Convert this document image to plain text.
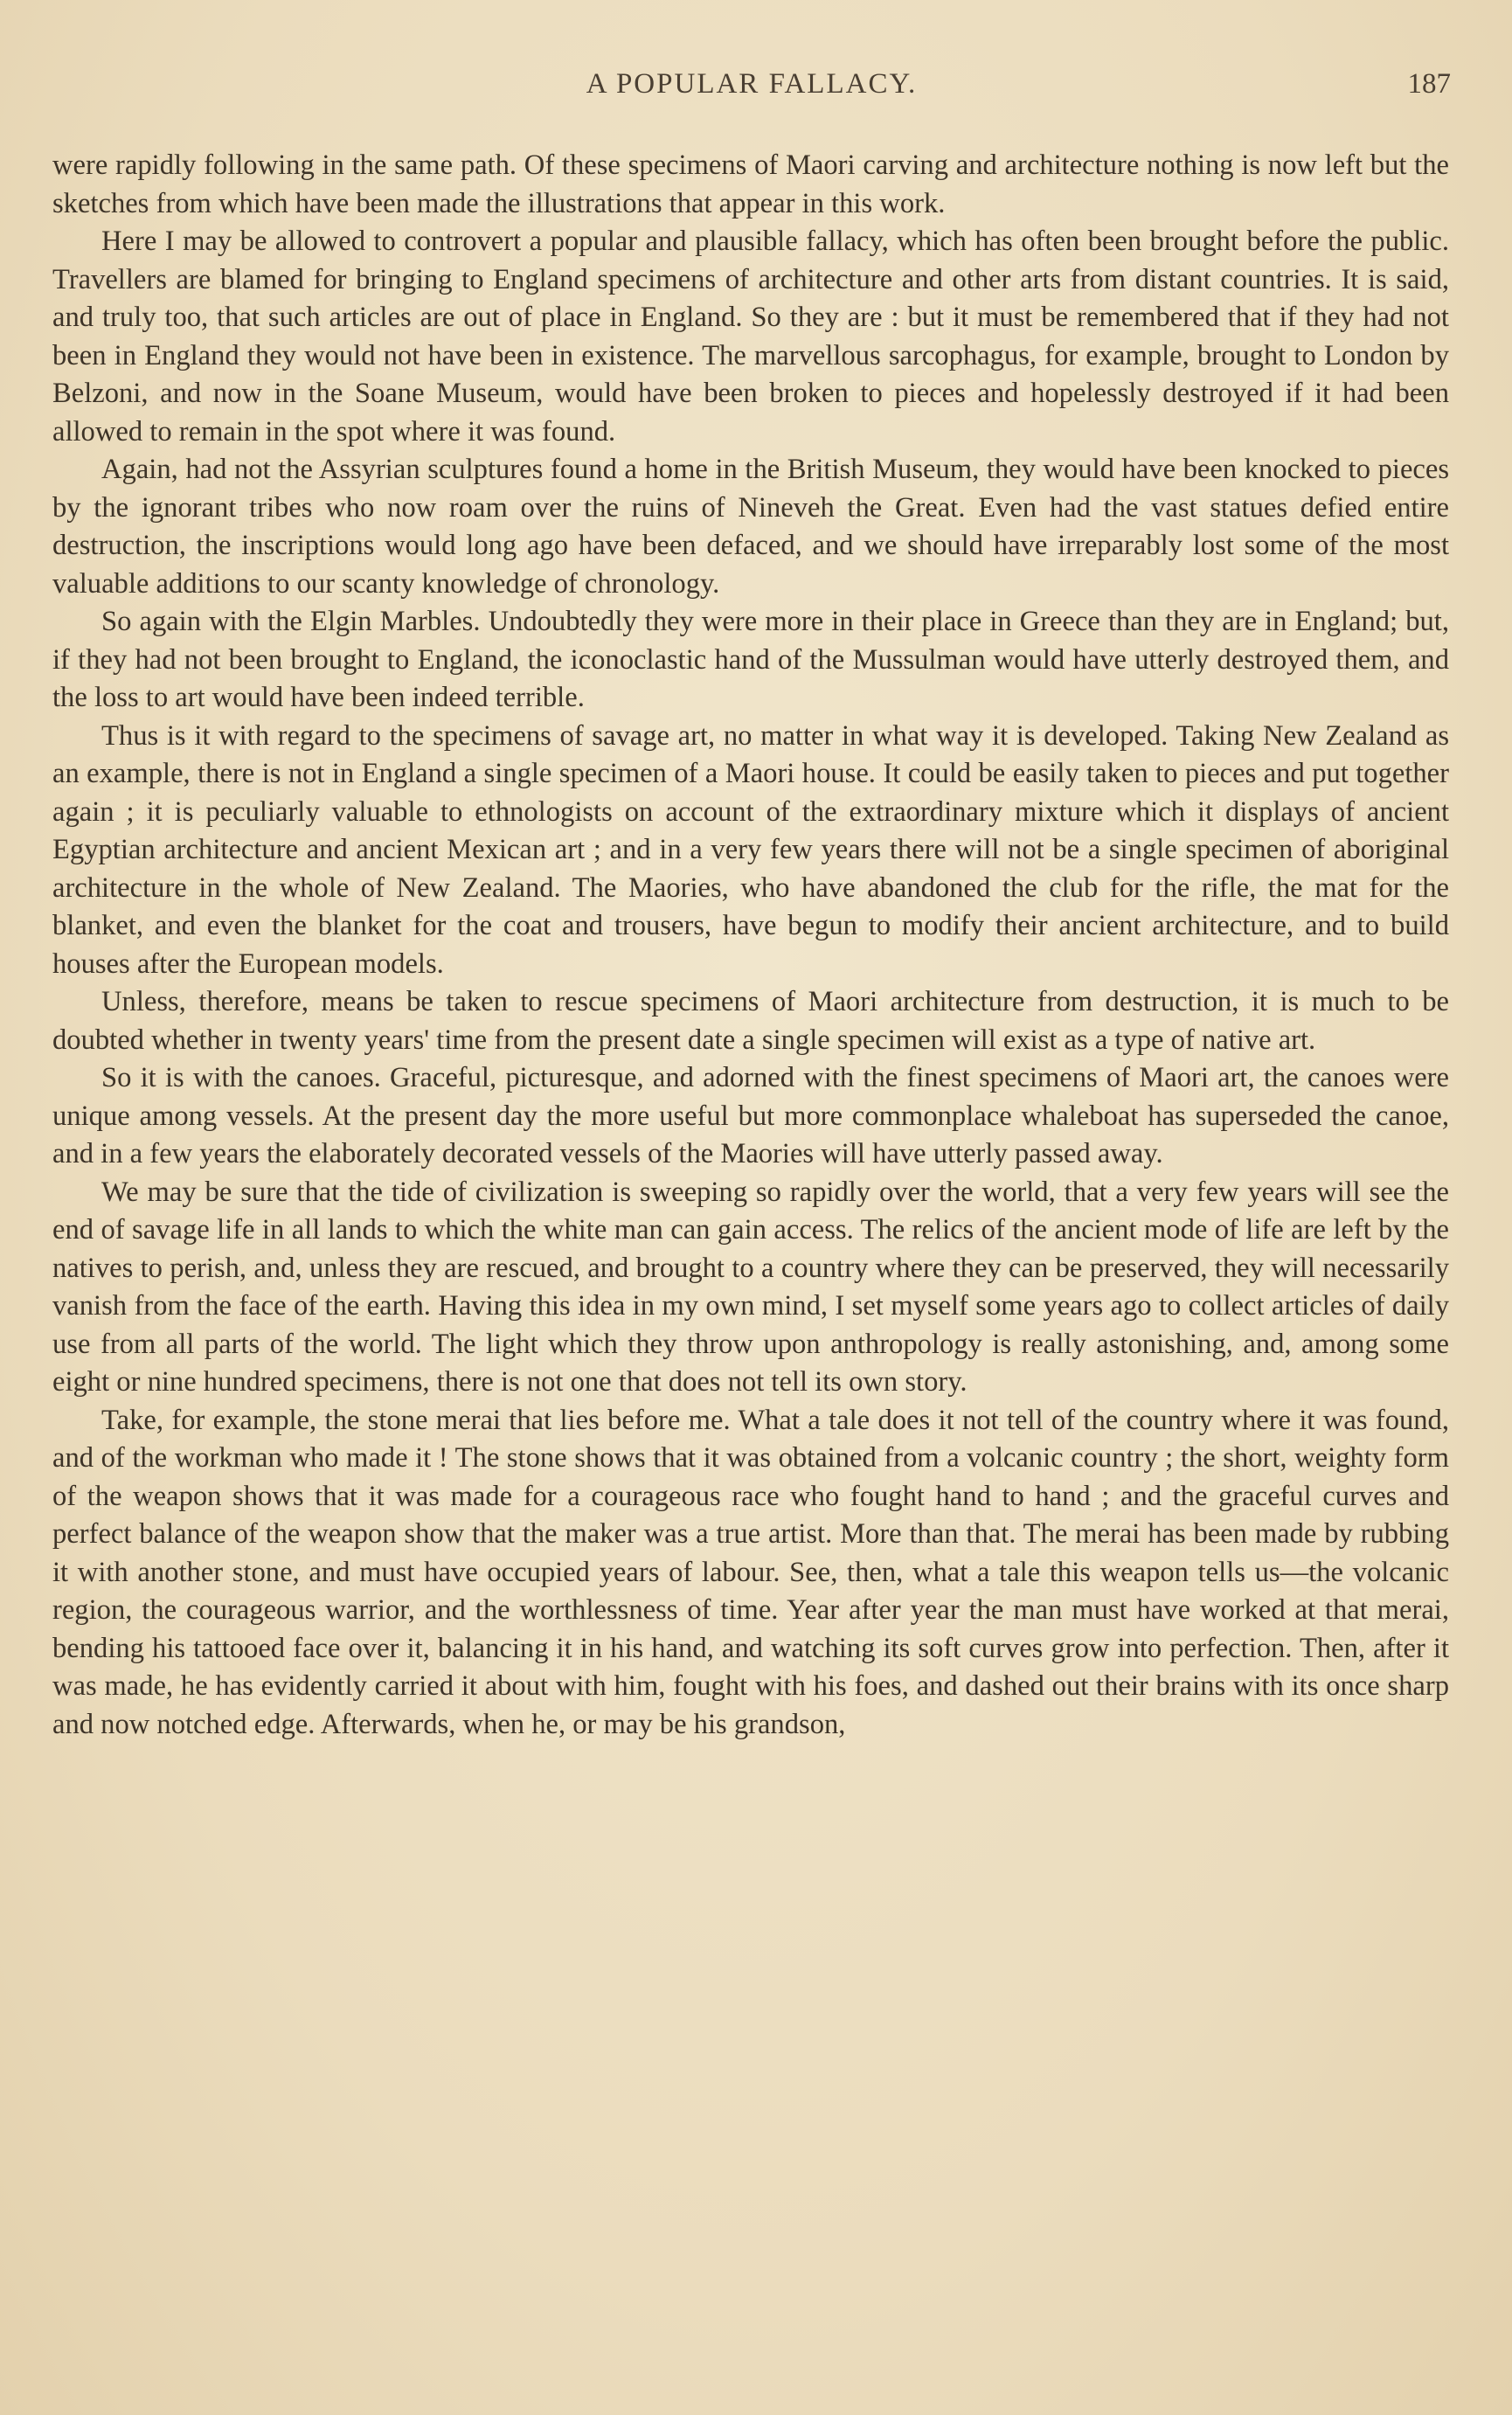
A POPULAR FALLACY.	187

were rapidly following in the same path. Of these specimens of Maori carving and architecture nothing is now left but the sketches from which have been made the illustrations that appear in this work.

Here I may be allowed to controvert a popular and plausible fallacy, which has often been brought before the public. Travellers are blamed for bringing to England specimens of architecture and other arts from distant countries. It is said, and truly too, that such articles are out of place in England. So they are : but it must be remembered that if they had not been in England they would not have been in existence. The marvellous sarcophagus, for example, brought to London by Belzoni, and now in the Soane Museum, would have been broken to pieces and hopelessly destroyed if it had been allowed to remain in the spot where it was found.

Again, had not the Assyrian sculptures found a home in the British Museum, they would have been knocked to pieces by the ignorant tribes who now roam over the ruins of Nineveh the Great. Even had the vast statues defied entire destruction, the inscriptions would long ago have been defaced, and we should have irreparably lost some of the most valuable additions to our scanty knowledge of chronology.

So again with the Elgin Marbles. Undoubtedly they were more in their place in Greece than they are in England; but, if they had not been brought to England, the iconoclastic hand of the Mussulman would have utterly destroyed them, and the loss to art would have been indeed terrible.

Thus is it with regard to the specimens of savage art, no matter in what way it is developed. Taking New Zealand as an example, there is not in England a single specimen of a Maori house. It could be easily taken to pieces and put together again ; it is peculiarly valuable to ethnologists on account of the extraordinary mixture which it displays of ancient Egyptian architecture and ancient Mexican art ; and in a very few years there will not be a single specimen of aboriginal architecture in the whole of New Zealand. The Maories, who have abandoned the club for the rifle, the mat for the blanket, and even the blanket for the coat and trousers, have begun to modify their ancient architecture, and to build houses after the European models.

Unless, therefore, means be taken to rescue specimens of Maori architecture from destruction, it is much to be doubted whether in twenty years' time from the present date a single specimen will exist as a type of native art.

So it is with the canoes. Graceful, picturesque, and adorned with the finest specimens of Maori art, the canoes were unique among vessels. At the present day the more useful but more commonplace whaleboat has superseded the canoe, and in a few years the elaborately decorated vessels of the Maories will have utterly passed away.

We may be sure that the tide of civilization is sweeping so rapidly over the world, that a very few years will see the end of savage life in all lands to which the white man can gain access. The relics of the ancient mode of life are left by the natives to perish, and, unless they are rescued, and brought to a country where they can be preserved, they will necessarily vanish from the face of the earth. Having this idea in my own mind, I set myself some years ago to collect articles of daily use from all parts of the world. The light which they throw upon anthropology is really astonishing, and, among some eight or nine hundred specimens, there is not one that does not tell its own story.

Take, for example, the stone merai that lies before me. What a tale does it not tell of the country where it was found, and of the workman who made it ! The stone shows that it was obtained from a volcanic country ; the short, weighty form of the weapon shows that it was made for a courageous race who fought hand to hand ; and the graceful curves and perfect balance of the weapon show that the maker was a true artist. More than that. The merai has been made by rubbing it with another stone, and must have occupied years of labour. See, then, what a tale this weapon tells us—the volcanic region, the courageous warrior, and the worthlessness of time. Year after year the man must have worked at that merai, bending his tattooed face over it, balancing it in his hand, and watching its soft curves grow into perfection. Then, after it was made, he has evidently carried it about with him, fought with his foes, and dashed out their brains with its once sharp and now notched edge. Afterwards, when he, or may be his grandson,
